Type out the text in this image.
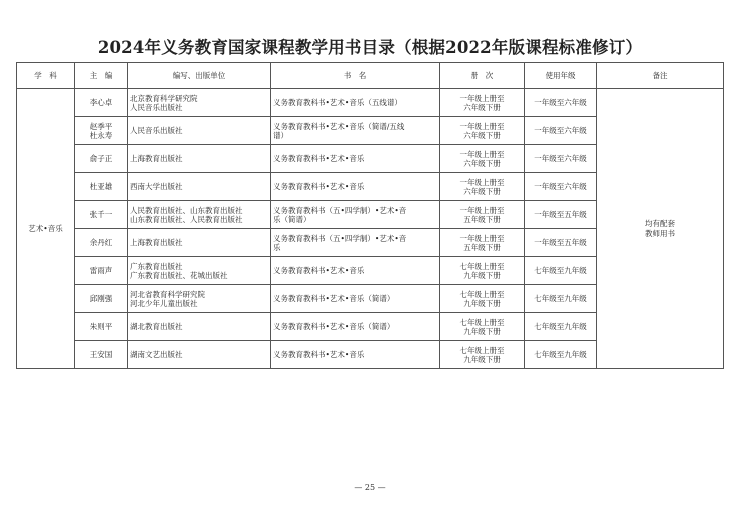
2024年义务教育国家课程教学用书目录（根据2022年版课程标准修订）
学　科	主　编	编写、出版单位	书　名	册　次	使用年级	备注
艺术•音乐	李心卓	北京教育科学研究院
人民音乐出版社	义务教育教科书•艺术•音乐（五线谱）	一年级上册至
六年级下册	一年级至六年级	均有配套教师用书

	赵季平
杜永寿	人民音乐出版社	义务教育教科书•艺术•音乐（简谱/五线
谱）	一年级上册至
六年级下册	一年级至六年级	

	俞子正	上海教育出版社	义务教育教科书•艺术•音乐	一年级上册至
六年级下册	一年级至六年级	

	杜亚雄	西南大学出版社	义务教育教科书•艺术•音乐	一年级上册至
六年级下册	一年级至六年级	

	张千一	人民教育出版社、山东教育出版社
山东教育出版社、人民教育出版社	义务教育教科书（五•四学制）•艺术•音
乐（简谱）	一年级上册至
五年级下册	一年级至五年级	

	余丹红	上海教育出版社	义务教育教科书（五•四学制）•艺术•音
乐	一年级上册至
五年级下册	一年级至五年级	

	雷雨声	广东教育出版社
广东教育出版社、花城出版社	义务教育教科书•艺术•音乐	七年级上册至
九年级下册	七年级至九年级	

	邱刚强	河北省教育科学研究院
河北少年儿童出版社	义务教育教科书•艺术•音乐（简谱）	七年级上册至
九年级下册	七年级至九年级	

	朱则平	湖北教育出版社	义务教育教科书•艺术•音乐（简谱）	七年级上册至
九年级下册	七年级至九年级	

	王安国	湖南文艺出版社	义务教育教科书•艺术•音乐	七年级上册至
九年级下册	七年级至九年级	
— 25 —
